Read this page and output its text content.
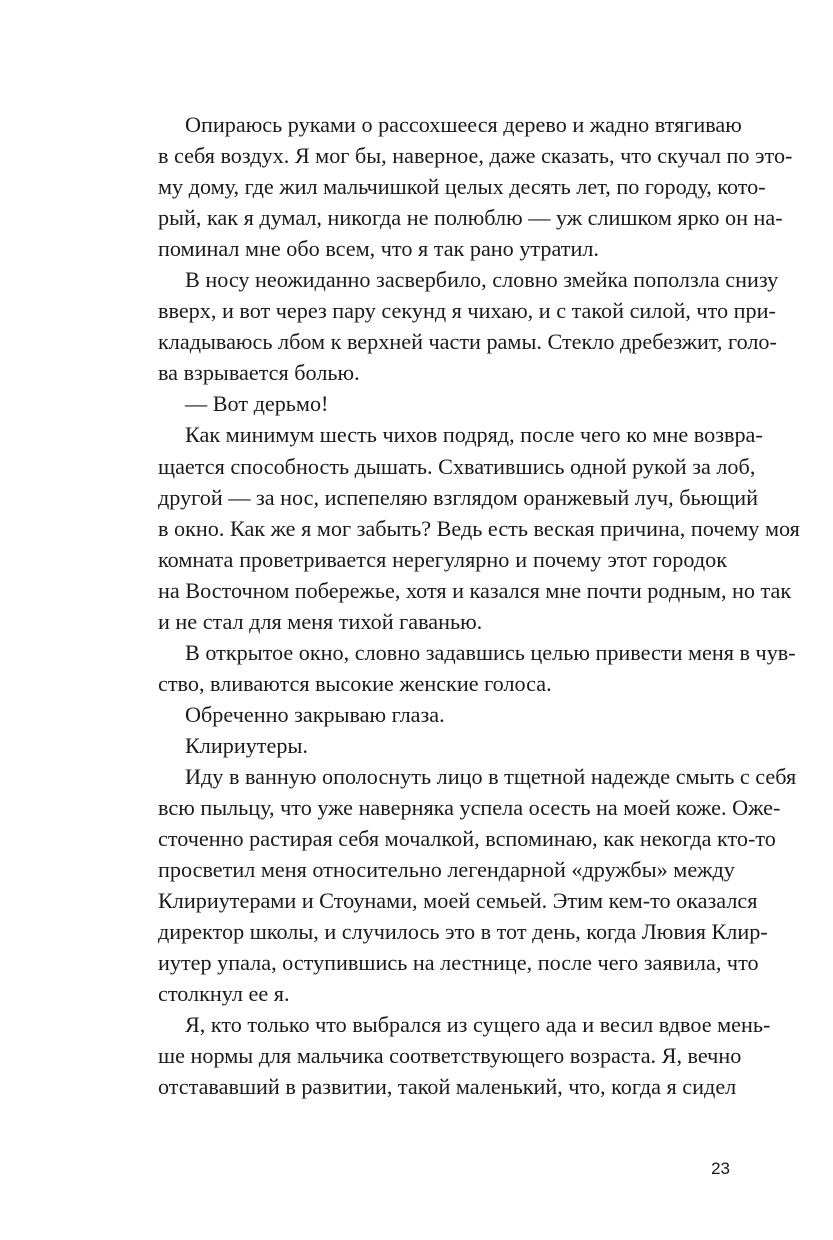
Опираюсь руками о рассохшееся дерево и жадно втягиваю
в себя воздух. Я мог бы, наверное, даже сказать, что скучал по это-
му дому, где жил мальчишкой целых десять лет, по городу, кото-
рый, как я думал, никогда не полюблю — уж слишком ярко он на-
поминал мне обо всем, что я так рано утратил.
В носу неожиданно засвербило, словно змейка поползла снизу
вверх, и вот через пару секунд я чихаю, и с такой силой, что при-
кладываюсь лбом к верхней части рамы. Стекло дребезжит, голо-
ва взрывается болью.
— Вот дерьмо!
Как минимум шесть чихов подряд, после чего ко мне возвра-
щается способность дышать. Схватившись одной рукой за лоб,
другой — за нос, испепеляю взглядом оранжевый луч, бьющий
в окно. Как же я мог забыть? Ведь есть веская причина, почему моя
комната проветривается нерегулярно и почему этот городок
на Восточном побережье, хотя и казался мне почти родным, но так
и не стал для меня тихой гаванью.
В открытое окно, словно задавшись целью привести меня в чув-
ство, вливаются высокие женские голоса.
Обреченно закрываю глаза.
Клириутеры.
Иду в ванную ополоснуть лицо в тщетной надежде смыть с себя
всю пыльцу, что уже наверняка успела осесть на моей коже. Оже-
сточенно растирая себя мочалкой, вспоминаю, как некогда кто-то
просветил меня относительно легендарной «дружбы» между
Клириутерами и Стоунами, моей семьей. Этим кем-то оказался
директор школы, и случилось это в тот день, когда Лювия Клир-
иутер упала, оступившись на лестнице, после чего заявила, что
столкнул ее я.
Я, кто только что выбрался из сущего ада и весил вдвое мень-
ше нормы для мальчика соответствующего возраста. Я, вечно
отстававший в развитии, такой маленький, что, когда я сидел
23
